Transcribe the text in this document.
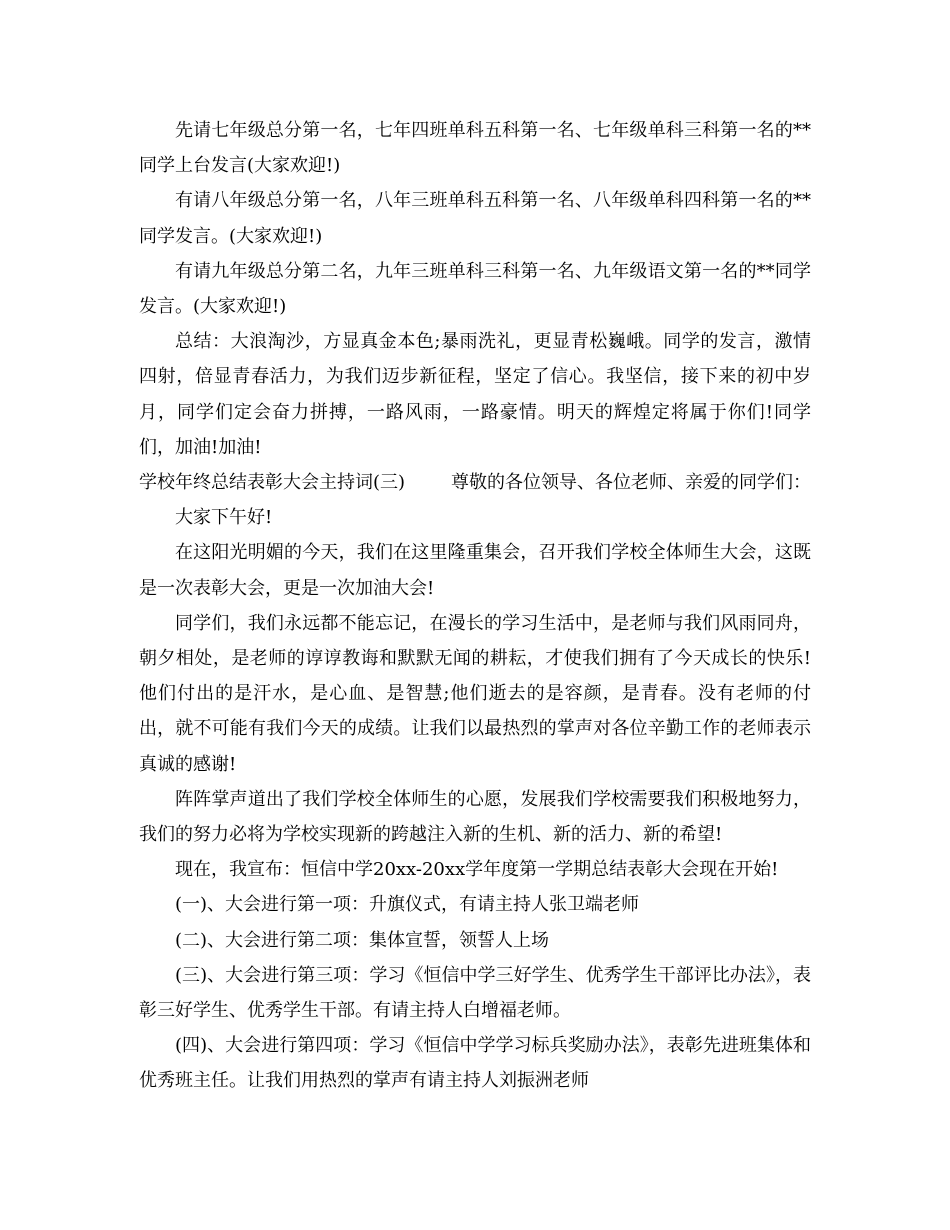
先请七年级总分第一名，七年四班单科五科第一名、七年级单科三科第一名的**同学上台发言(大家欢迎!)

有请八年级总分第一名，八年三班单科五科第一名、八年级单科四科第一名的**同学发言。(大家欢迎!)

有请九年级总分第二名，九年三班单科三科第一名、九年级语文第一名的**同学发言。(大家欢迎!)

总结：大浪淘沙，方显真金本色;暴雨洗礼，更显青松巍峨。同学的发言，激情四射，倍显青春活力，为我们迈步新征程，坚定了信心。我坚信，接下来的初中岁月，同学们定会奋力拼搏，一路风雨，一路豪情。明天的辉煌定将属于你们!同学们，加油!加油!

学校年终总结表彰大会主持词(三)	尊敬的各位领导、各位老师、亲爱的同学们：

大家下午好!

在这阳光明媚的今天，我们在这里隆重集会，召开我们学校全体师生大会，这既是一次表彰大会，更是一次加油大会!

同学们，我们永远都不能忘记，在漫长的学习生活中，是老师与我们风雨同舟，朝夕相处，是老师的谆谆教诲和默默无闻的耕耘，才使我们拥有了今天成长的快乐!他们付出的是汗水，是心血、是智慧;他们逝去的是容颜，是青春。没有老师的付出，就不可能有我们今天的成绩。让我们以最热烈的掌声对各位辛勤工作的老师表示真诚的感谢!

阵阵掌声道出了我们学校全体师生的心愿，发展我们学校需要我们积极地努力，我们的努力必将为学校实现新的跨越注入新的生机、新的活力、新的希望!

现在，我宣布：恒信中学20xx-20xx学年度第一学期总结表彰大会现在开始!

(一)、大会进行第一项：升旗仪式，有请主持人张卫端老师

(二)、大会进行第二项：集体宣誓，领誓人上场

(三)、大会进行第三项：学习《恒信中学三好学生、优秀学生干部评比办法》，表彰三好学生、优秀学生干部。有请主持人白增福老师。

(四)、大会进行第四项：学习《恒信中学学习标兵奖励办法》，表彰先进班集体和优秀班主任。让我们用热烈的掌声有请主持人刘振洲老师
